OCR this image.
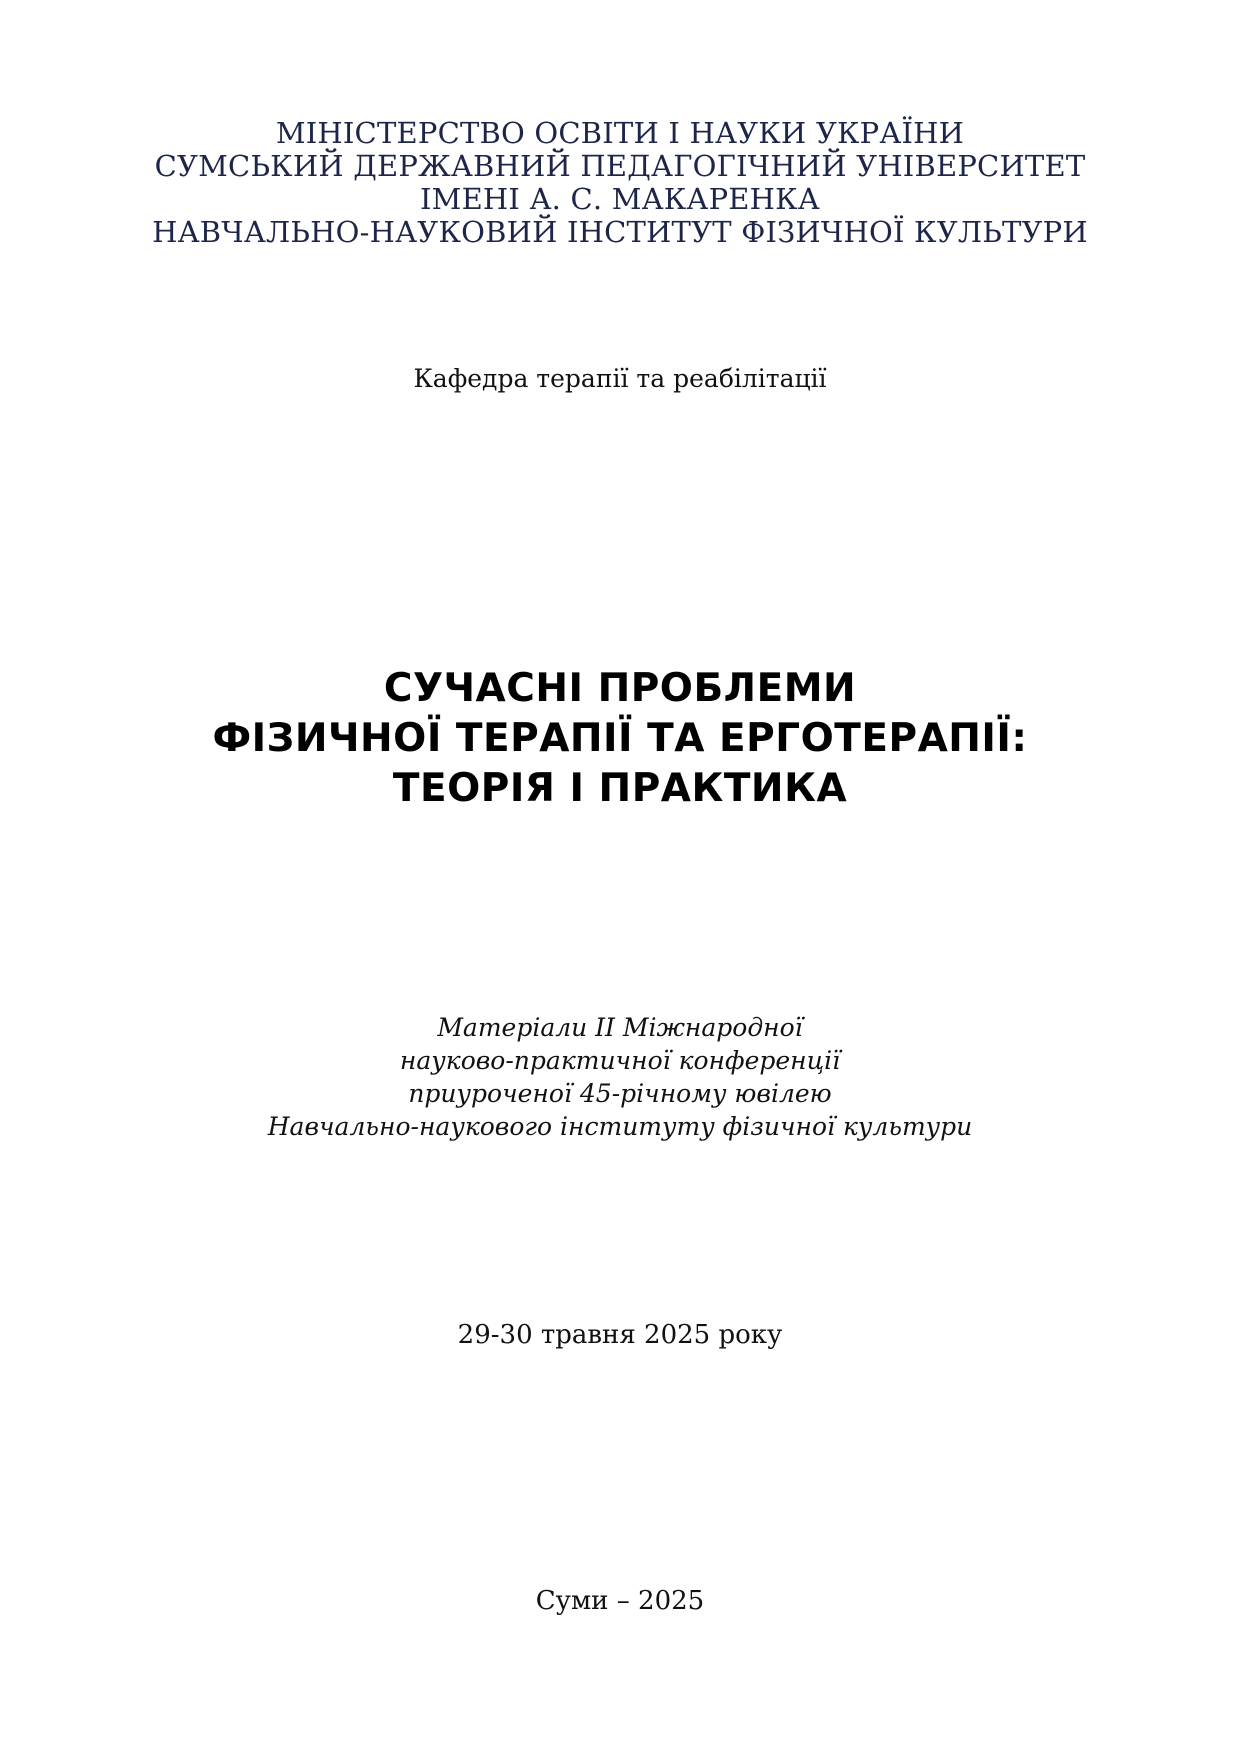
МІНІСТЕРСТВО ОСВІТИ І НАУКИ УКРАЇНИ
СУМСЬКИЙ ДЕРЖАВНИЙ ПЕДАГОГІЧНИЙ УНІВЕРСИТЕТ
ІМЕНІ А. С. МАКАРЕНКА
НАВЧАЛЬНО-НАУКОВИЙ ІНСТИТУТ ФІЗИЧНОЇ КУЛЬТУРИ
Кафедра терапії та реабілітації
СУЧАСНІ ПРОБЛЕМИ
ФІЗИЧНОЇ ТЕРАПІЇ ТА ЕРГОТЕРАПІЇ:
ТЕОРІЯ І ПРАКТИКА
Матеріали ІІ Міжнародної
науково-практичної конференції
приуроченої 45-річному ювілею
Навчально-наукового інституту фізичної культури
29-30 травня 2025 року
Суми – 2025
